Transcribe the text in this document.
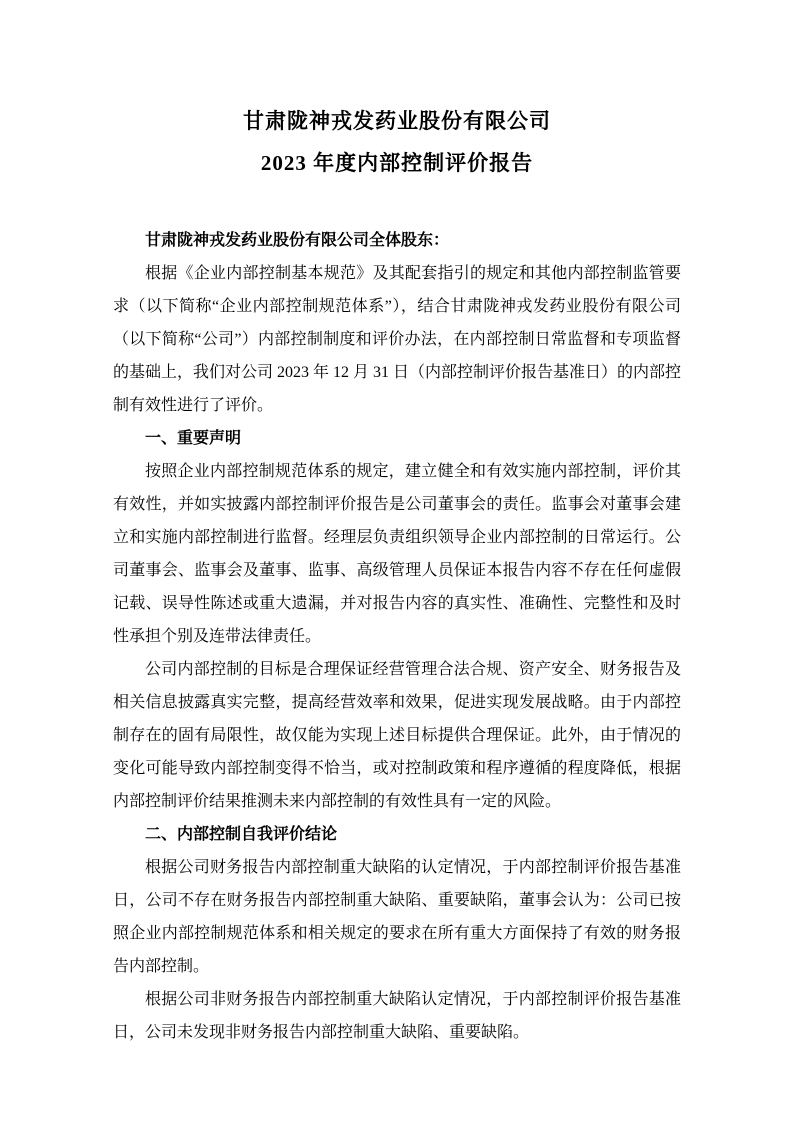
甘肃陇神戎发药业股份有限公司
2023 年度内部控制评价报告

甘肃陇神戎发药业股份有限公司全体股东：

根据《企业内部控制基本规范》及其配套指引的规定和其他内部控制监管要求（以下简称“企业内部控制规范体系”），结合甘肃陇神戎发药业股份有限公司（以下简称“公司”）内部控制制度和评价办法，在内部控制日常监督和专项监督的基础上，我们对公司 2023 年 12 月 31 日（内部控制评价报告基准日）的内部控制有效性进行了评价。

一、重要声明

按照企业内部控制规范体系的规定，建立健全和有效实施内部控制，评价其有效性，并如实披露内部控制评价报告是公司董事会的责任。监事会对董事会建立和实施内部控制进行监督。经理层负责组织领导企业内部控制的日常运行。公司董事会、监事会及董事、监事、高级管理人员保证本报告内容不存在任何虚假记载、误导性陈述或重大遗漏，并对报告内容的真实性、准确性、完整性和及时性承担个别及连带法律责任。

公司内部控制的目标是合理保证经营管理合法合规、资产安全、财务报告及相关信息披露真实完整，提高经营效率和效果，促进实现发展战略。由于内部控制存在的固有局限性，故仅能为实现上述目标提供合理保证。此外，由于情况的变化可能导致内部控制变得不恰当，或对控制政策和程序遵循的程度降低，根据内部控制评价结果推测未来内部控制的有效性具有一定的风险。

二、内部控制自我评价结论

根据公司财务报告内部控制重大缺陷的认定情况，于内部控制评价报告基准日，公司不存在财务报告内部控制重大缺陷、重要缺陷，董事会认为：公司已按照企业内部控制规范体系和相关规定的要求在所有重大方面保持了有效的财务报告内部控制。

根据公司非财务报告内部控制重大缺陷认定情况，于内部控制评价报告基准日，公司未发现非财务报告内部控制重大缺陷、重要缺陷。
